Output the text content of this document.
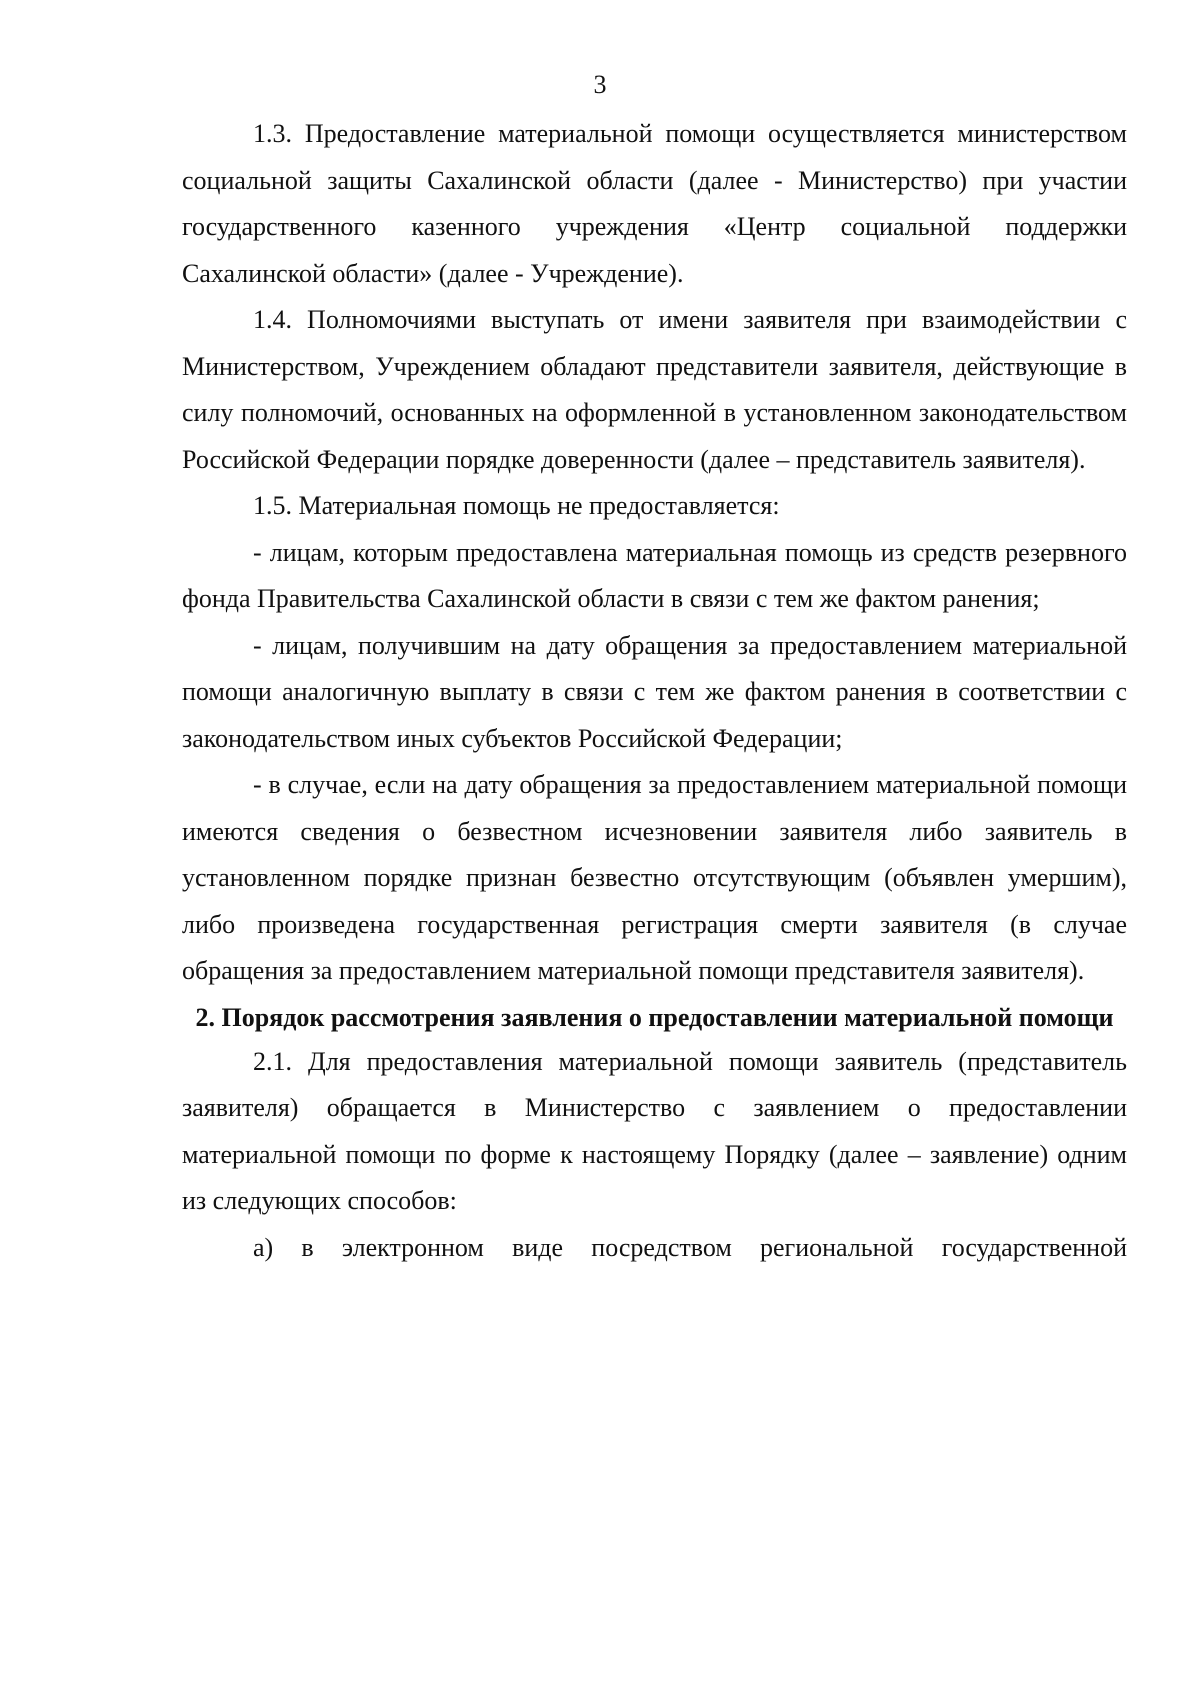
3

1.3. Предоставление материальной помощи осуществляется министерством социальной защиты Сахалинской области (далее - Министерство) при участии государственного казенного учреждения «Центр социальной поддержки Сахалинской области» (далее - Учреждение).

1.4. Полномочиями выступать от имени заявителя при взаимодействии с Министерством, Учреждением обладают представители заявителя, действующие в силу полномочий, основанных на оформленной в установленном законодательством Российской Федерации порядке доверенности (далее – представитель заявителя).

1.5. Материальная помощь не предоставляется:

- лицам, которым предоставлена материальная помощь из средств резервного фонда Правительства Сахалинской области в связи с тем же фактом ранения;

- лицам, получившим на дату обращения за предоставлением материальной помощи аналогичную выплату в связи с тем же фактом ранения в соответствии с законодательством иных субъектов Российской Федерации;

- в случае, если на дату обращения за предоставлением материальной помощи имеются сведения о безвестном исчезновении заявителя либо заявитель в установленном порядке признан безвестно отсутствующим (объявлен умершим), либо произведена государственная регистрация смерти заявителя (в случае обращения за предоставлением материальной помощи представителя заявителя).

2. Порядок рассмотрения заявления о предоставлении материальной помощи

2.1. Для предоставления материальной помощи заявитель (представитель заявителя) обращается в Министерство с заявлением о предоставлении материальной помощи по форме к настоящему Порядку (далее – заявление) одним из следующих способов:

а) в электронном виде посредством региональной государственной
